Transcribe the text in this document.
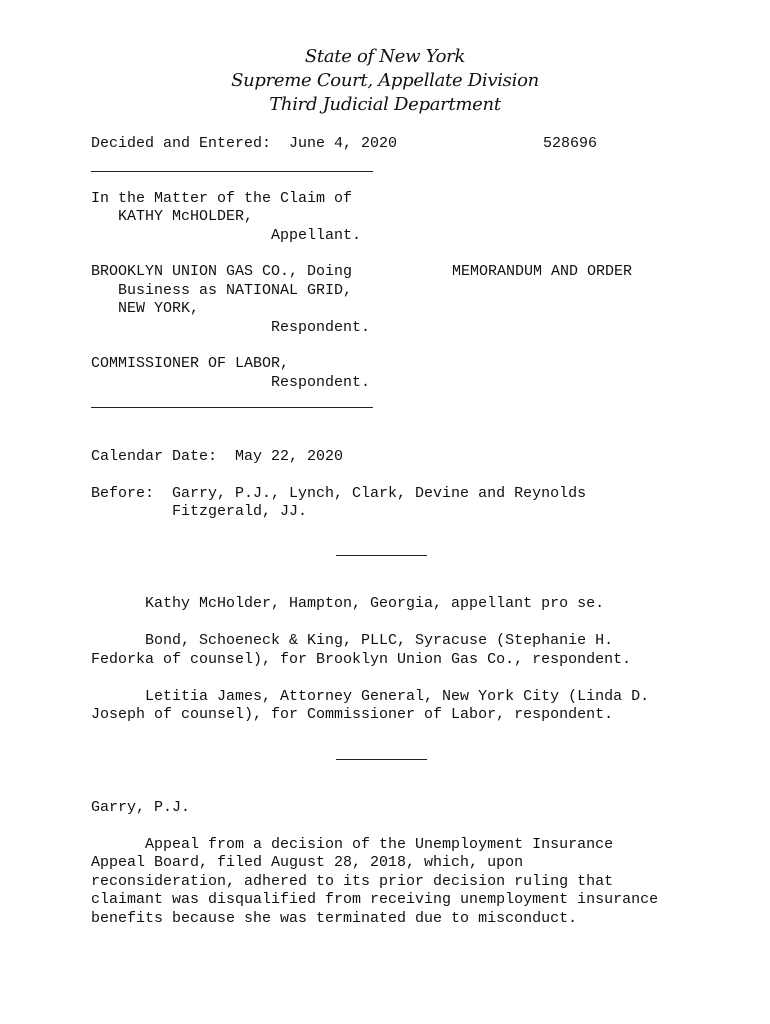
State of New York
Supreme Court, Appellate Division
Third Judicial Department
Decided and Entered:  June 4, 2020	528696
In the Matter of the Claim of
KATHY McHOLDER,
Appellant.
BROOKLYN UNION GAS CO., Doing
Business as NATIONAL GRID,
NEW YORK,
Respondent.
COMMISSIONER OF LABOR,
Respondent.
MEMORANDUM AND ORDER
Calendar Date:  May 22, 2020
Before:  Garry, P.J., Lynch, Clark, Devine and Reynolds
Fitzgerald, JJ.
Kathy McHolder, Hampton, Georgia, appellant pro se.
Bond, Schoeneck & King, PLLC, Syracuse (Stephanie H.
Fedorka of counsel), for Brooklyn Union Gas Co., respondent.
Letitia James, Attorney General, New York City (Linda D.
Joseph of counsel), for Commissioner of Labor, respondent.
Garry, P.J.
Appeal from a decision of the Unemployment Insurance
Appeal Board, filed August 28, 2018, which, upon
reconsideration, adhered to its prior decision ruling that
claimant was disqualified from receiving unemployment insurance
benefits because she was terminated due to misconduct.
